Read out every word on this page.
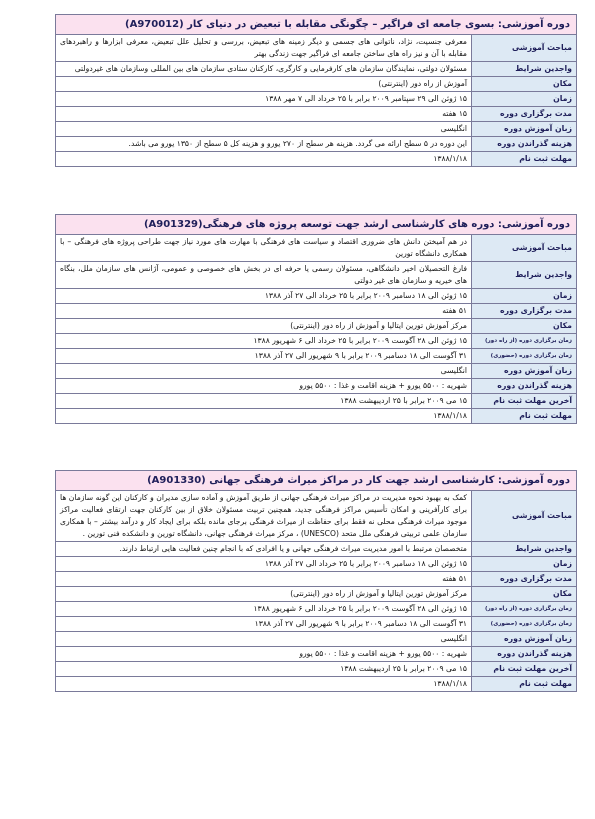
دوره آموزشی: بسوی جامعه ای فراگیر – چگونگی مقابله با تبعیض در دنیای کار (A970012)
مباحث آموزشی	معرفی جنسیت، نژاد، ناتوانی های جسمی و دیگر زمینه های تبعیض، بررسی و تحلیل علل تبعیض، معرفی ابزارها و راهبردهای مقابله با آن و نیز راه های ساختن جامعه ای فراگیر جهت زندگی بهتر
واجدین شرایط	مسئولان دولتی، نمایندگان سازمان های کارفرمایی و کارگری، کارکنان ستادی سازمان های بین المللی وسازمان های غیردولتی
مکان	آموزش از راه دور (اینترنتی)
زمان	۱۵ ژوئن الی ۲۹ سپتامبر ۲۰۰۹ برابر با ۲۵ خرداد الی ۷ مهر ۱۳۸۸
مدت برگزاری دوره	۱۵ هفته
زبان آموزش دوره	انگلیسی
هزینه گذراندن دوره	این دوره در ۵ سطح ارائه می گردد. هزینه هر سطح از ۲۷۰ یورو و هزینه کل ۵ سطح از ۱۳۵۰ یورو می باشد.
مهلت ثبت نام	۱۳۸۸/۱/۱۸
دوره آموزشی: دوره های کارشناسی ارشد جهت توسعه پروژه های فرهنگی(A901329)
مباحث آموزشی	در هم آمیختن دانش های ضروری اقتصاد و سیاست های فرهنگی با مهارت های مورد نیاز جهت طراحی پروژه های فرهنگی – با همکاری دانشگاه تورین
واجدین شرایط	فارغ التحصیلان اخیر دانشگاهی، مسئولان رسمی یا حرفه ای در بخش های خصوصی و عمومی، آژانس های سازمان ملل، بنگاه های خیریه و سازمان های غیر دولتی
زمان	۱۵ ژوئن الی ۱۸ دسامبر ۲۰۰۹ برابر با ۲۵ خرداد الی ۲۷ آذر ۱۳۸۸
مدت برگزاری دوره	۵۱ هفته
مکان	مرکز آموزش تورین ایتالیا و آموزش از راه دور (اینترنتی)
زمان برگزاری دوره (از راه دور)	۱۵ ژوئن الی ۲۸ آگوست ۲۰۰۹ برابر با ۲۵ خرداد الی ۶ شهریور ۱۳۸۸
زمان برگزاری دوره (حضوری)	۳۱ آگوست الی ۱۸ دسامبر ۲۰۰۹ برابر با ۹ شهریور الی ۲۷ آذر ۱۳۸۸
زبان آموزش دوره	انگلیسی
هزینه گذراندن دوره	شهریه : ۵۵۰۰ یورو + هزینه اقامت و غذا : ۵۵۰۰ یورو
آخرین مهلت ثبت نام	۱۵ می ۲۰۰۹ برابر با ۲۵ اردیبهشت ۱۳۸۸
مهلت ثبت نام	۱۳۸۸/۱/۱۸
دوره آموزشی: کارشناسی ارشد جهت کار در مراکز میراث فرهنگی جهانی (A901330)
مباحث آموزشی	کمک به بهبود نحوه مدیریت در مراکز میراث فرهنگی جهانی از طریق آموزش و آماده سازی مدیران و کارکنان این گونه سازمان ها برای کارآفرینی و امکان تأسیس مراکز فرهنگی جدید، همچنین تربیت مسئولان خلاق از بین کارکنان جهت ارتقای فعالیت مراکز موجود میراث فرهنگی محلی نه فقط برای حفاظت از میراث فرهنگی برجای مانده بلکه برای ایجاد کار و درآمد بیشتر – با همکاری سازمان علمی تربیتی فرهنگی ملل متحد (UNESCO) ، مرکز میراث فرهنگی جهانی، دانشگاه تورین و دانشکده فنی تورین .
واجدین شرایط	متخصصان مرتبط با امور مدیریت میراث فرهنگی جهانی و یا افرادی که با انجام چنین فعالیت هایی ارتباط دارند.
زمان	۱۵ ژوئن الی ۱۸ دسامبر ۲۰۰۹ برابر با ۲۵ خرداد الی ۲۷ آذر ۱۳۸۸
مدت برگزاری دوره	۵۱ هفته
مکان	مرکز آموزش تورین ایتالیا و آموزش از راه دور (اینترنتی)
زمان برگزاری دوره (از راه دور)	۱۵ ژوئن الی ۲۸ آگوست ۲۰۰۹ برابر با ۲۵ خرداد الی ۶ شهریور ۱۳۸۸
زمان برگزاری دوره (حضوری)	۳۱ آگوست الی ۱۸ دسامبر ۲۰۰۹ برابر با ۹ شهریور الی ۲۷ آذر ۱۳۸۸
زبان آموزش دوره	انگلیسی
هزینه گذراندن دوره	شهریه : ۵۵۰۰ یورو + هزینه اقامت و غذا : ۵۵۰۰ یورو
آخرین مهلت ثبت نام	۱۵ می ۲۰۰۹ برابر با ۲۵ اردیبهشت ۱۳۸۸
مهلت ثبت نام	۱۳۸۸/۱/۱۸
